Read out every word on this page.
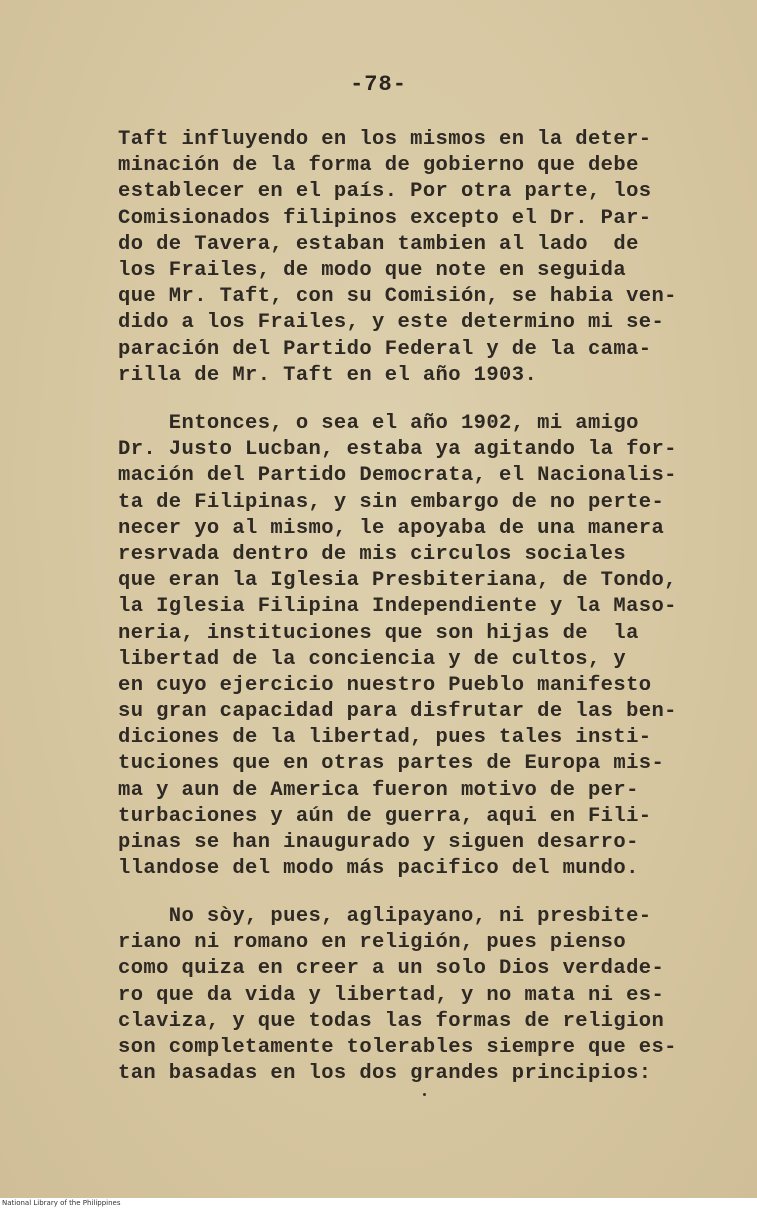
-78-
Taft influyendo en los mismos en la deter-
minación de la forma de gobierno que debe
establecer en el país. Por otra parte, los
Comisionados filipinos excepto el Dr. Par-
do de Tavera, estaban tambien al lado  de
los Frailes, de modo que note en seguida
que Mr. Taft, con su Comisión, se habia ven-
dido a los Frailes, y este determino mi se-
paración del Partido Federal y de la cama-
rilla de Mr. Taft en el año 1903.
Entonces, o sea el año 1902, mi amigo
Dr. Justo Lucban, estaba ya agitando la for-
mación del Partido Democrata, el Nacionalis-
ta de Filipinas, y sin embargo de no perte-
necer yo al mismo, le apoyaba de una manera
resrvada dentro de mis circulos sociales
que eran la Iglesia Presbiteriana, de Tondo,
la Iglesia Filipina Independiente y la Maso-
neria, instituciones que son hijas de  la
libertad de la conciencia y de cultos, y
en cuyo ejercicio nuestro Pueblo manifesto
su gran capacidad para disfrutar de las ben-
diciones de la libertad, pues tales insti-
tuciones que en otras partes de Europa mis-
ma y aun de America fueron motivo de per-
turbaciones y aún de guerra, aqui en Fili-
pinas se han inaugurado y siguen desarro-
llandose del modo más pacifico del mundo.
No sòy, pues, aglipayano, ni presbite-
riano ni romano en religión, pues pienso
como quiza en creer a un solo Dios verdade-
ro que da vida y libertad, y no mata ni es-
claviza, y que todas las formas de religion
son completamente tolerables siempre que es-
tan basadas en los dos grandes principios:
National Library of the Philippines
